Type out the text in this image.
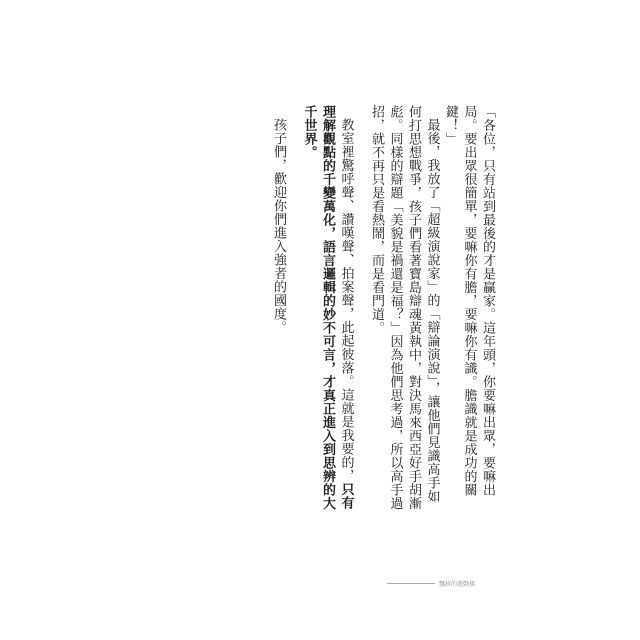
「各位，只有站到最後的才是贏家。這年頭，你要嘛出眾，要嘛出局。要出眾很簡單，要嘛你有膽，要嘛你有識。膽識就是成功的關鍵！」

最後，我放了「超級演說家」的「辯論演說」，讓他們見識高手如何打思想戰爭，孩子們看著寶島辯魂黃執中，對決馬來西亞好手胡漸彪。同樣的辯題「美貌是禍還是福？」因為他們思考過，所以高手過招，就不再只是看熱鬧，而是看門道。

教室裡驚呼聲、讚嘆聲、拍案聲，此起彼落。這就是我要的，只有理解觀點的千變萬化，語言邏輯的妙不可言，才真正進入到思辨的大千世界。

孩子們，歡迎你們進入強者的國度。

飄移的遊戲棋
